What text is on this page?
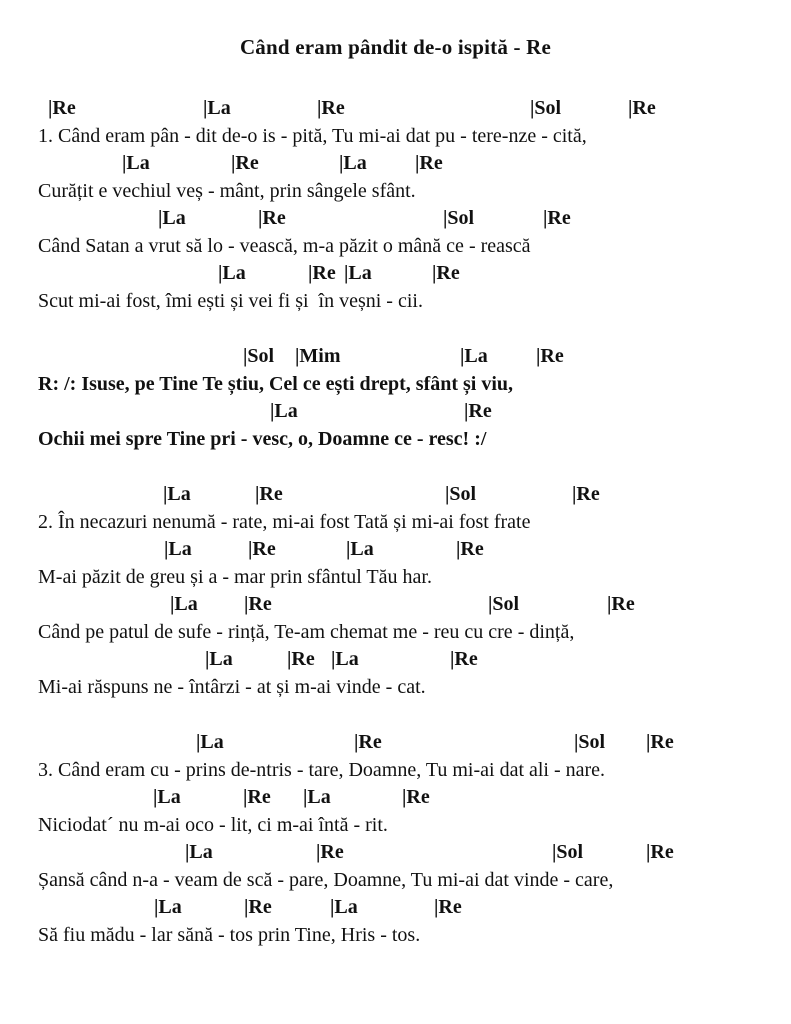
Când eram pândit de-o ispită - Re
|Re	|La	|Re	|Sol	|Re
1. Când eram pân - dit de-o is - pită, Tu mi-ai dat pu - tere-nze - cită,
|La	|Re	|La |Re
Curățit e vechiul veș - mânt, prin sângele sfânt.
|La	|Re	|Sol	|Re
Când Satan a vrut să lo - vească, m-a păzit o mână ce - rească
|La	|Re |La	|Re
Scut mi-ai fost, îmi ești și vei fi și  în veșni - cii.
|Sol |Mim	|La |Re
R: /: Isuse, pe Tine Te știu, Cel ce ești drept, sfânt și viu,
|La	|Re
Ochii mei spre Tine pri - vesc, o, Doamne ce - resc! :/
|La	|Re	|Sol	|Re
2. În necazuri nenumă - rate, mi-ai fost Tată și mi-ai fost frate
|La	|Re	|La	|Re
M-ai păzit de greu și a - mar prin sfântul Tău har.
|La |Re	|Sol	|Re
Când pe patul de sufe - rință, Te-am chemat me - reu cu cre - dință,
|La	|Re |La	|Re
Mi-ai răspuns ne - întârzi - at și m-ai vinde - cat.
|La	|Re	|Sol |Re
3. Când eram cu - prins de-ntris - tare, Doamne, Tu mi-ai dat ali - nare.
|La	|Re |La	|Re
Niciodat´ nu m-ai oco - lit, ci m-ai întă - rit.
|La	|Re	|Sol	|Re
Șansă când n-a - veam de scă - pare, Doamne, Tu mi-ai dat vinde - care,
|La	|Re	|La	|Re
Să fiu mădu - lar sănă - tos prin Tine, Hris - tos.
